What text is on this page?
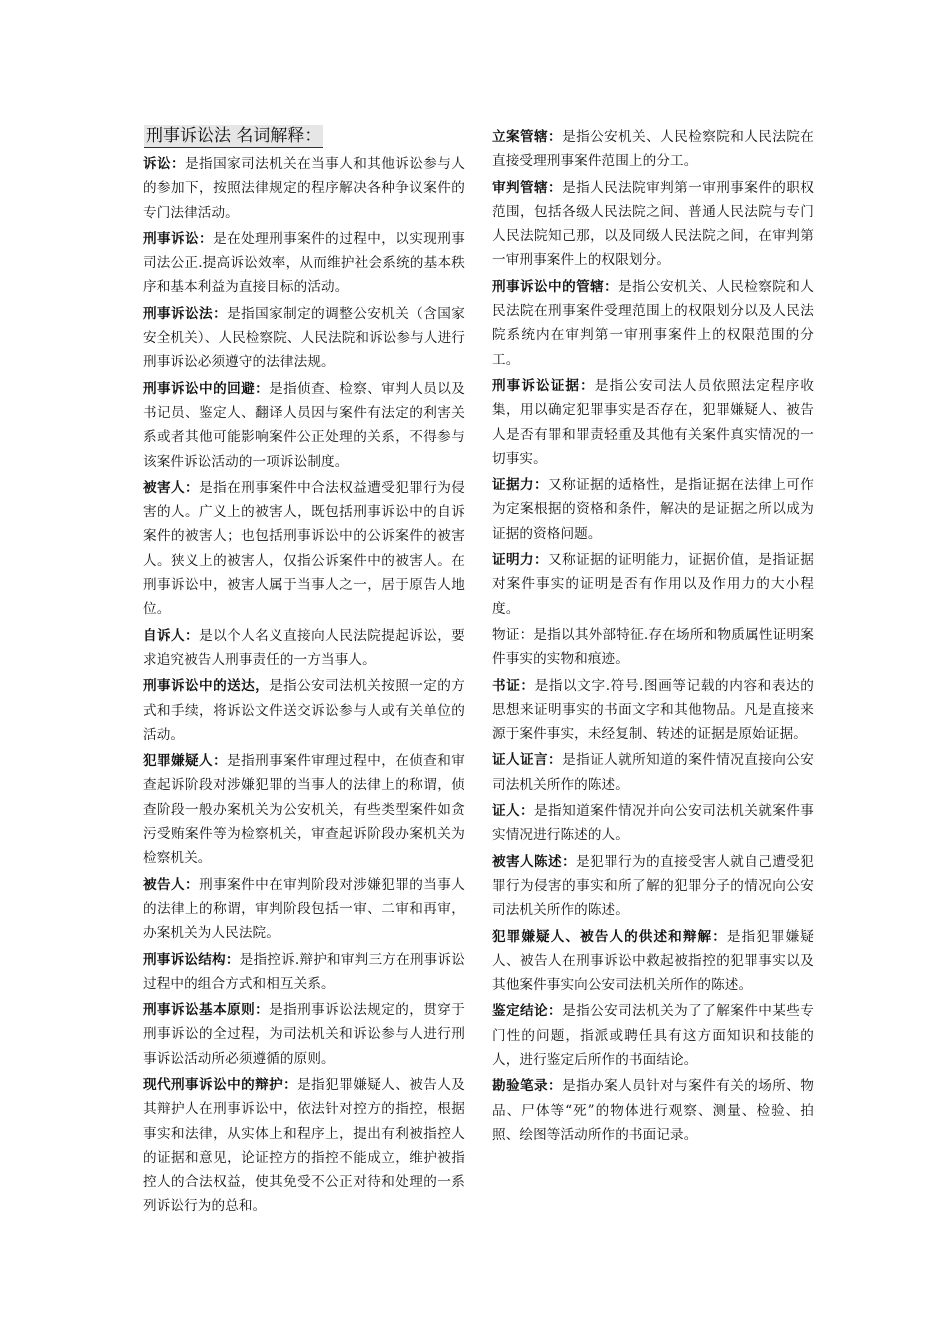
刑事诉讼法 名词解释：

诉讼：是指国家司法机关在当事人和其他诉讼参与人的参加下，按照法律规定的程序解决各种争议案件的专门法律活动。

刑事诉讼：是在处理刑事案件的过程中，以实现刑事司法公正.提高诉讼效率，从而维护社会系统的基本秩序和基本利益为直接目标的活动。

刑事诉讼法：是指国家制定的调整公安机关（含国家安全机关）、人民检察院、人民法院和诉讼参与人进行刑事诉讼必须遵守的法律法规。

刑事诉讼中的回避：是指侦查、检察、审判人员以及书记员、鉴定人、翻译人员因与案件有法定的利害关系或者其他可能影响案件公正处理的关系，不得参与该案件诉讼活动的一项诉讼制度。

被害人：是指在刑事案件中合法权益遭受犯罪行为侵害的人。广义上的被害人，既包括刑事诉讼中的自诉案件的被害人；也包括刑事诉讼中的公诉案件的被害人。狭义上的被害人，仅指公诉案件中的被害人。在刑事诉讼中，被害人属于当事人之一，居于原告人地位。

自诉人：是以个人名义直接向人民法院提起诉讼，要求追究被告人刑事责任的一方当事人。

刑事诉讼中的送达，是指公安司法机关按照一定的方式和手续，将诉讼文件送交诉讼参与人或有关单位的活动。

犯罪嫌疑人：是指刑事案件审理过程中，在侦查和审查起诉阶段对涉嫌犯罪的当事人的法律上的称谓，侦查阶段一般办案机关为公安机关，有些类型案件如贪污受贿案件等为检察机关，审查起诉阶段办案机关为检察机关。

被告人：刑事案件中在审判阶段对涉嫌犯罪的当事人的法律上的称谓，审判阶段包括一审、二审和再审，办案机关为人民法院。

刑事诉讼结构：是指控诉.辩护和审判三方在刑事诉讼过程中的组合方式和相互关系。

刑事诉讼基本原则：是指刑事诉讼法规定的，贯穿于刑事诉讼的全过程，为司法机关和诉讼参与人进行刑事诉讼活动所必须遵循的原则。

现代刑事诉讼中的辩护：是指犯罪嫌疑人、被告人及其辩护人在刑事诉讼中，依法针对控方的指控，根据事实和法律，从实体上和程序上，提出有利被指控人的证据和意见，论证控方的指控不能成立，维护被指控人的合法权益，使其免受不公正对待和处理的一系列诉讼行为的总和。

立案管辖：是指公安机关、人民检察院和人民法院在直接受理刑事案件范围上的分工。

审判管辖：是指人民法院审判第一审刑事案件的职权范围，包括各级人民法院之间、普通人民法院与专门人民法院知己那，以及同级人民法院之间，在审判第一审刑事案件上的权限划分。

刑事诉讼中的管辖：是指公安机关、人民检察院和人民法院在刑事案件受理范围上的权限划分以及人民法院系统内在审判第一审刑事案件上的权限范围的分工。

刑事诉讼证据：是指公安司法人员依照法定程序收集，用以确定犯罪事实是否存在，犯罪嫌疑人、被告人是否有罪和罪责轻重及其他有关案件真实情况的一切事实。

证据力：又称证据的适格性，是指证据在法律上可作为定案根据的资格和条件，解决的是证据之所以成为证据的资格问题。

证明力：又称证据的证明能力，证据价值，是指证据对案件事实的证明是否有作用以及作用力的大小程度。

物证：是指以其外部特征.存在场所和物质属性证明案件事实的实物和痕迹。

书证：是指以文字.符号.图画等记载的内容和表达的思想来证明事实的书面文字和其他物品。凡是直接来源于案件事实，未经复制、转述的证据是原始证据。

证人证言：是指证人就所知道的案件情况直接向公安司法机关所作的陈述。

证人：是指知道案件情况并向公安司法机关就案件事实情况进行陈述的人。

被害人陈述：是犯罪行为的直接受害人就自己遭受犯罪行为侵害的事实和所了解的犯罪分子的情况向公安司法机关所作的陈述。

犯罪嫌疑人、被告人的供述和辩解：是指犯罪嫌疑人、被告人在刑事诉讼中救起被指控的犯罪事实以及其他案件事实向公安司法机关所作的陈述。

鉴定结论：是指公安司法机关为了了解案件中某些专门性的问题，指派或聘任具有这方面知识和技能的人，进行鉴定后所作的书面结论。

勘验笔录：是指办案人员针对与案件有关的场所、物品、尸体等“死”的物体进行观察、测量、检验、拍照、绘图等活动所作的书面记录。
